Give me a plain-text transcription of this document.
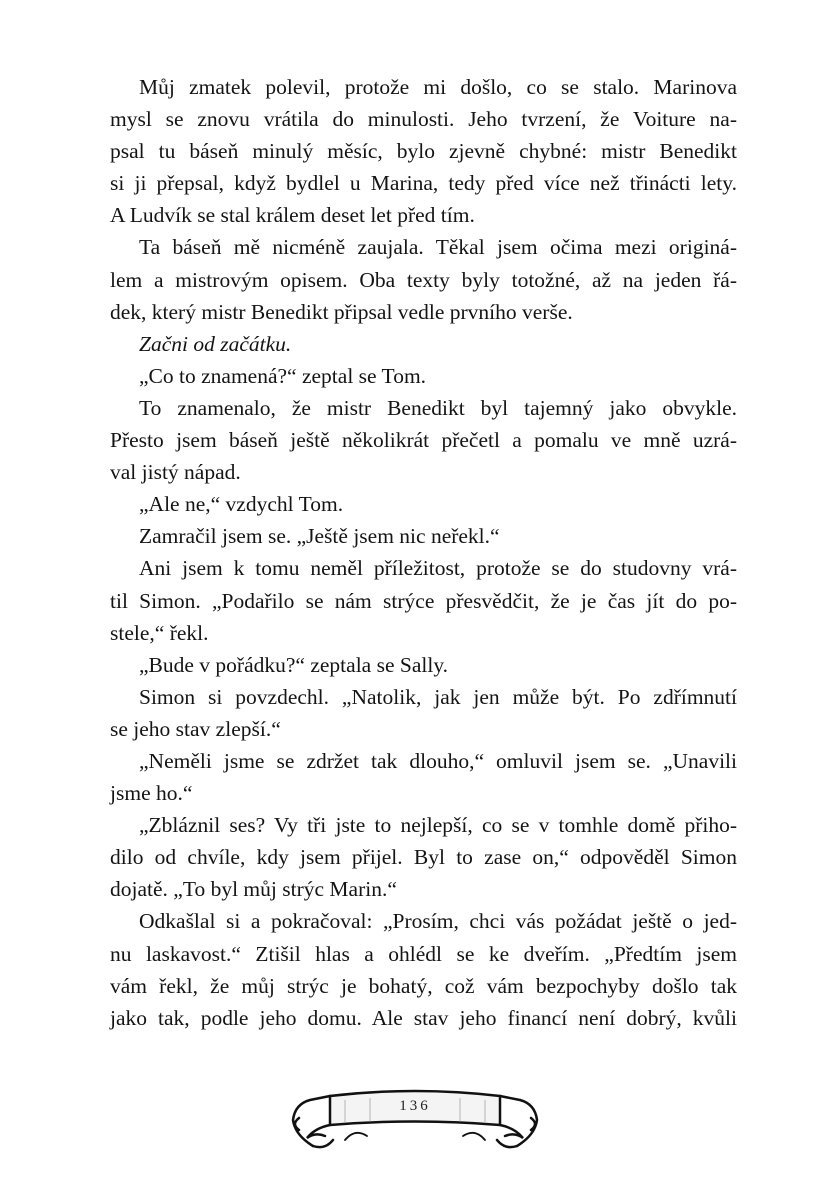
Můj zmatek polevil, protože mi došlo, co se stalo. Marinova
mysl se znovu vrátila do minulosti. Jeho tvrzení, že Voiture na-
psal tu báseň minulý měsíc, bylo zjevně chybné: mistr Benedikt
si ji přepsal, když bydlel u Marina, tedy před více než třinácti lety.
A Ludvík se stal králem deset let před tím.
Ta báseň mě nicméně zaujala. Těkal jsem očima mezi originá-
lem a mistrovým opisem. Oba texty byly totožné, až na jeden řá-
dek, který mistr Benedikt připsal vedle prvního verše.
Začni od začátku.
„Co to znamená?“ zeptal se Tom.
To znamenalo, že mistr Benedikt byl tajemný jako obvykle.
Přesto jsem báseň ještě několikrát přečetl a pomalu ve mně uzrá-
val jistý nápad.
„Ale ne,“ vzdychl Tom.
Zamračil jsem se. „Ještě jsem nic neřekl.“
Ani jsem k tomu neměl příležitost, protože se do studovny vrá-
til Simon. „Podařilo se nám strýce přesvědčit, že je čas jít do po-
stele,“ řekl.
„Bude v pořádku?“ zeptala se Sally.
Simon si povzdechl. „Natolik, jak jen může být. Po zdřímnutí
se jeho stav zlepší.“
„Neměli jsme se zdržet tak dlouho,“ omluvil jsem se. „Unavili
jsme ho.“
„Zbláznil ses? Vy tři jste to nejlepší, co se v tomhle domě přiho-
dilo od chvíle, kdy jsem přijel. Byl to zase on,“ odpověděl Simon
dojatě. „To byl můj strýc Marin.“
Odkašlal si a pokračoval: „Prosím, chci vás požádat ještě o jed-
nu laskavost.“ Ztišil hlas a ohlédl se ke dveřím. „Předtím jsem
vám řekl, že můj strýc je bohatý, což vám bezpochyby došlo tak
jako tak, podle jeho domu. Ale stav jeho financí není dobrý, kvůli
136
